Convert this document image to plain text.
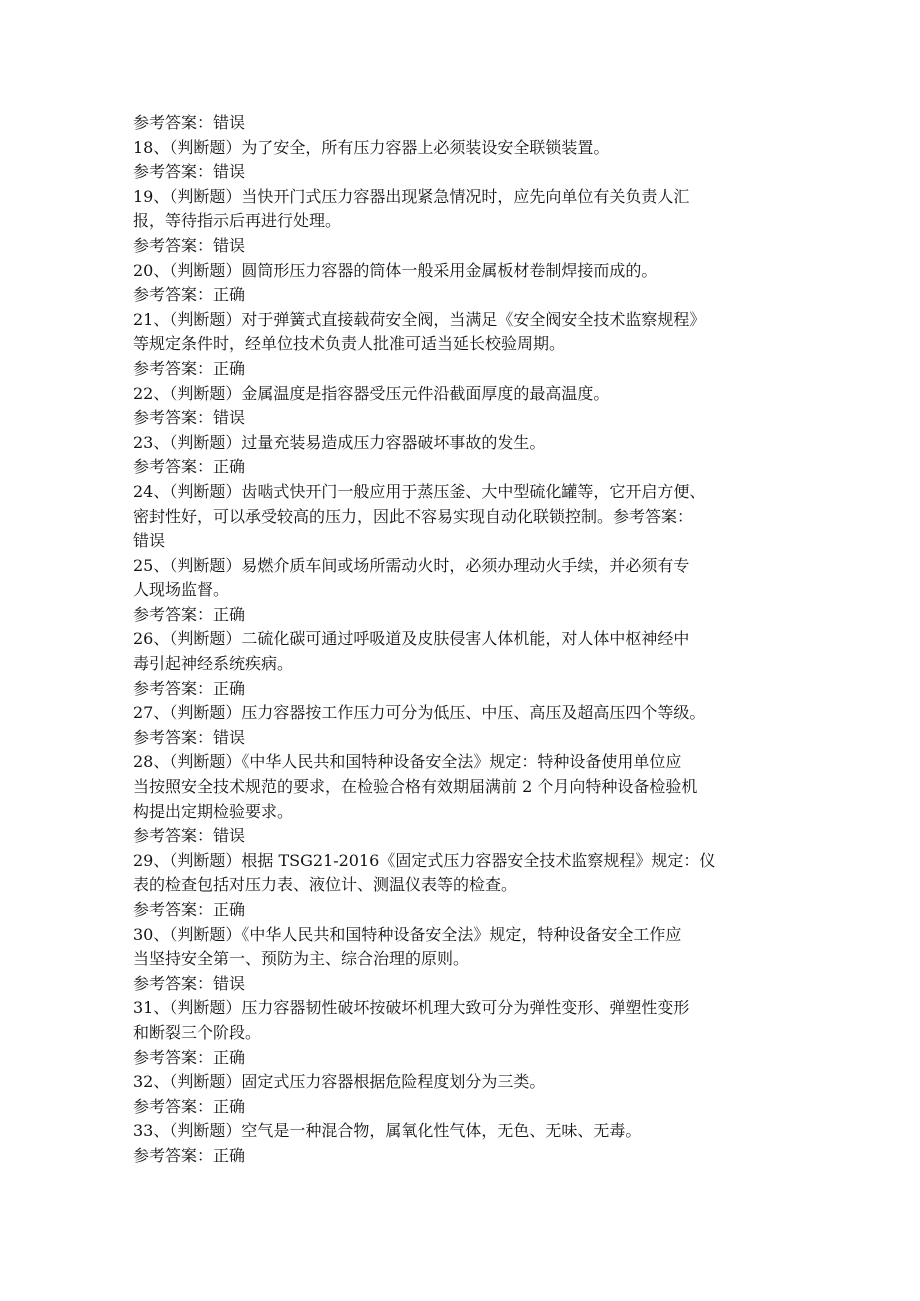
参考答案：错误
18、（判断题）为了安全，所有压力容器上必须装设安全联锁装置。
参考答案：错误
19、（判断题）当快开门式压力容器出现紧急情况时，应先向单位有关负责人汇
报，等待指示后再进行处理。
参考答案：错误
20、（判断题）圆筒形压力容器的筒体一般采用金属板材卷制焊接而成的。
参考答案：正确
21、（判断题）对于弹簧式直接载荷安全阀，当满足《安全阀安全技术监察规程》
等规定条件时，经单位技术负责人批准可适当延长校验周期。
参考答案：正确
22、（判断题）金属温度是指容器受压元件沿截面厚度的最高温度。
参考答案：错误
23、（判断题）过量充装易造成压力容器破坏事故的发生。
参考答案：正确
24、（判断题）齿啮式快开门一般应用于蒸压釜、大中型硫化罐等，它开启方便、
密封性好，可以承受较高的压力，因此不容易实现自动化联锁控制。参考答案：
错误
25、（判断题）易燃介质车间或场所需动火时，必须办理动火手续，并必须有专
人现场监督。
参考答案：正确
26、（判断题）二硫化碳可通过呼吸道及皮肤侵害人体机能，对人体中枢神经中
毒引起神经系统疾病。
参考答案：正确
27、（判断题）压力容器按工作压力可分为低压、中压、高压及超高压四个等级。
参考答案：错误
28、（判断题）《中华人民共和国特种设备安全法》规定：特种设备使用单位应
当按照安全技术规范的要求，在检验合格有效期届满前 2 个月向特种设备检验机
构提出定期检验要求。
参考答案：错误
29、（判断题）根据 TSG21-2016《固定式压力容器安全技术监察规程》规定：仪
表的检查包括对压力表、液位计、测温仪表等的检查。
参考答案：正确
30、（判断题）《中华人民共和国特种设备安全法》规定，特种设备安全工作应
当坚持安全第一、预防为主、综合治理的原则。
参考答案：错误
31、（判断题）压力容器韧性破坏按破坏机理大致可分为弹性变形、弹塑性变形
和断裂三个阶段。
参考答案：正确
32、（判断题）固定式压力容器根据危险程度划分为三类。
参考答案：正确
33、（判断题）空气是一种混合物，属氧化性气体，无色、无味、无毒。
参考答案：正确
